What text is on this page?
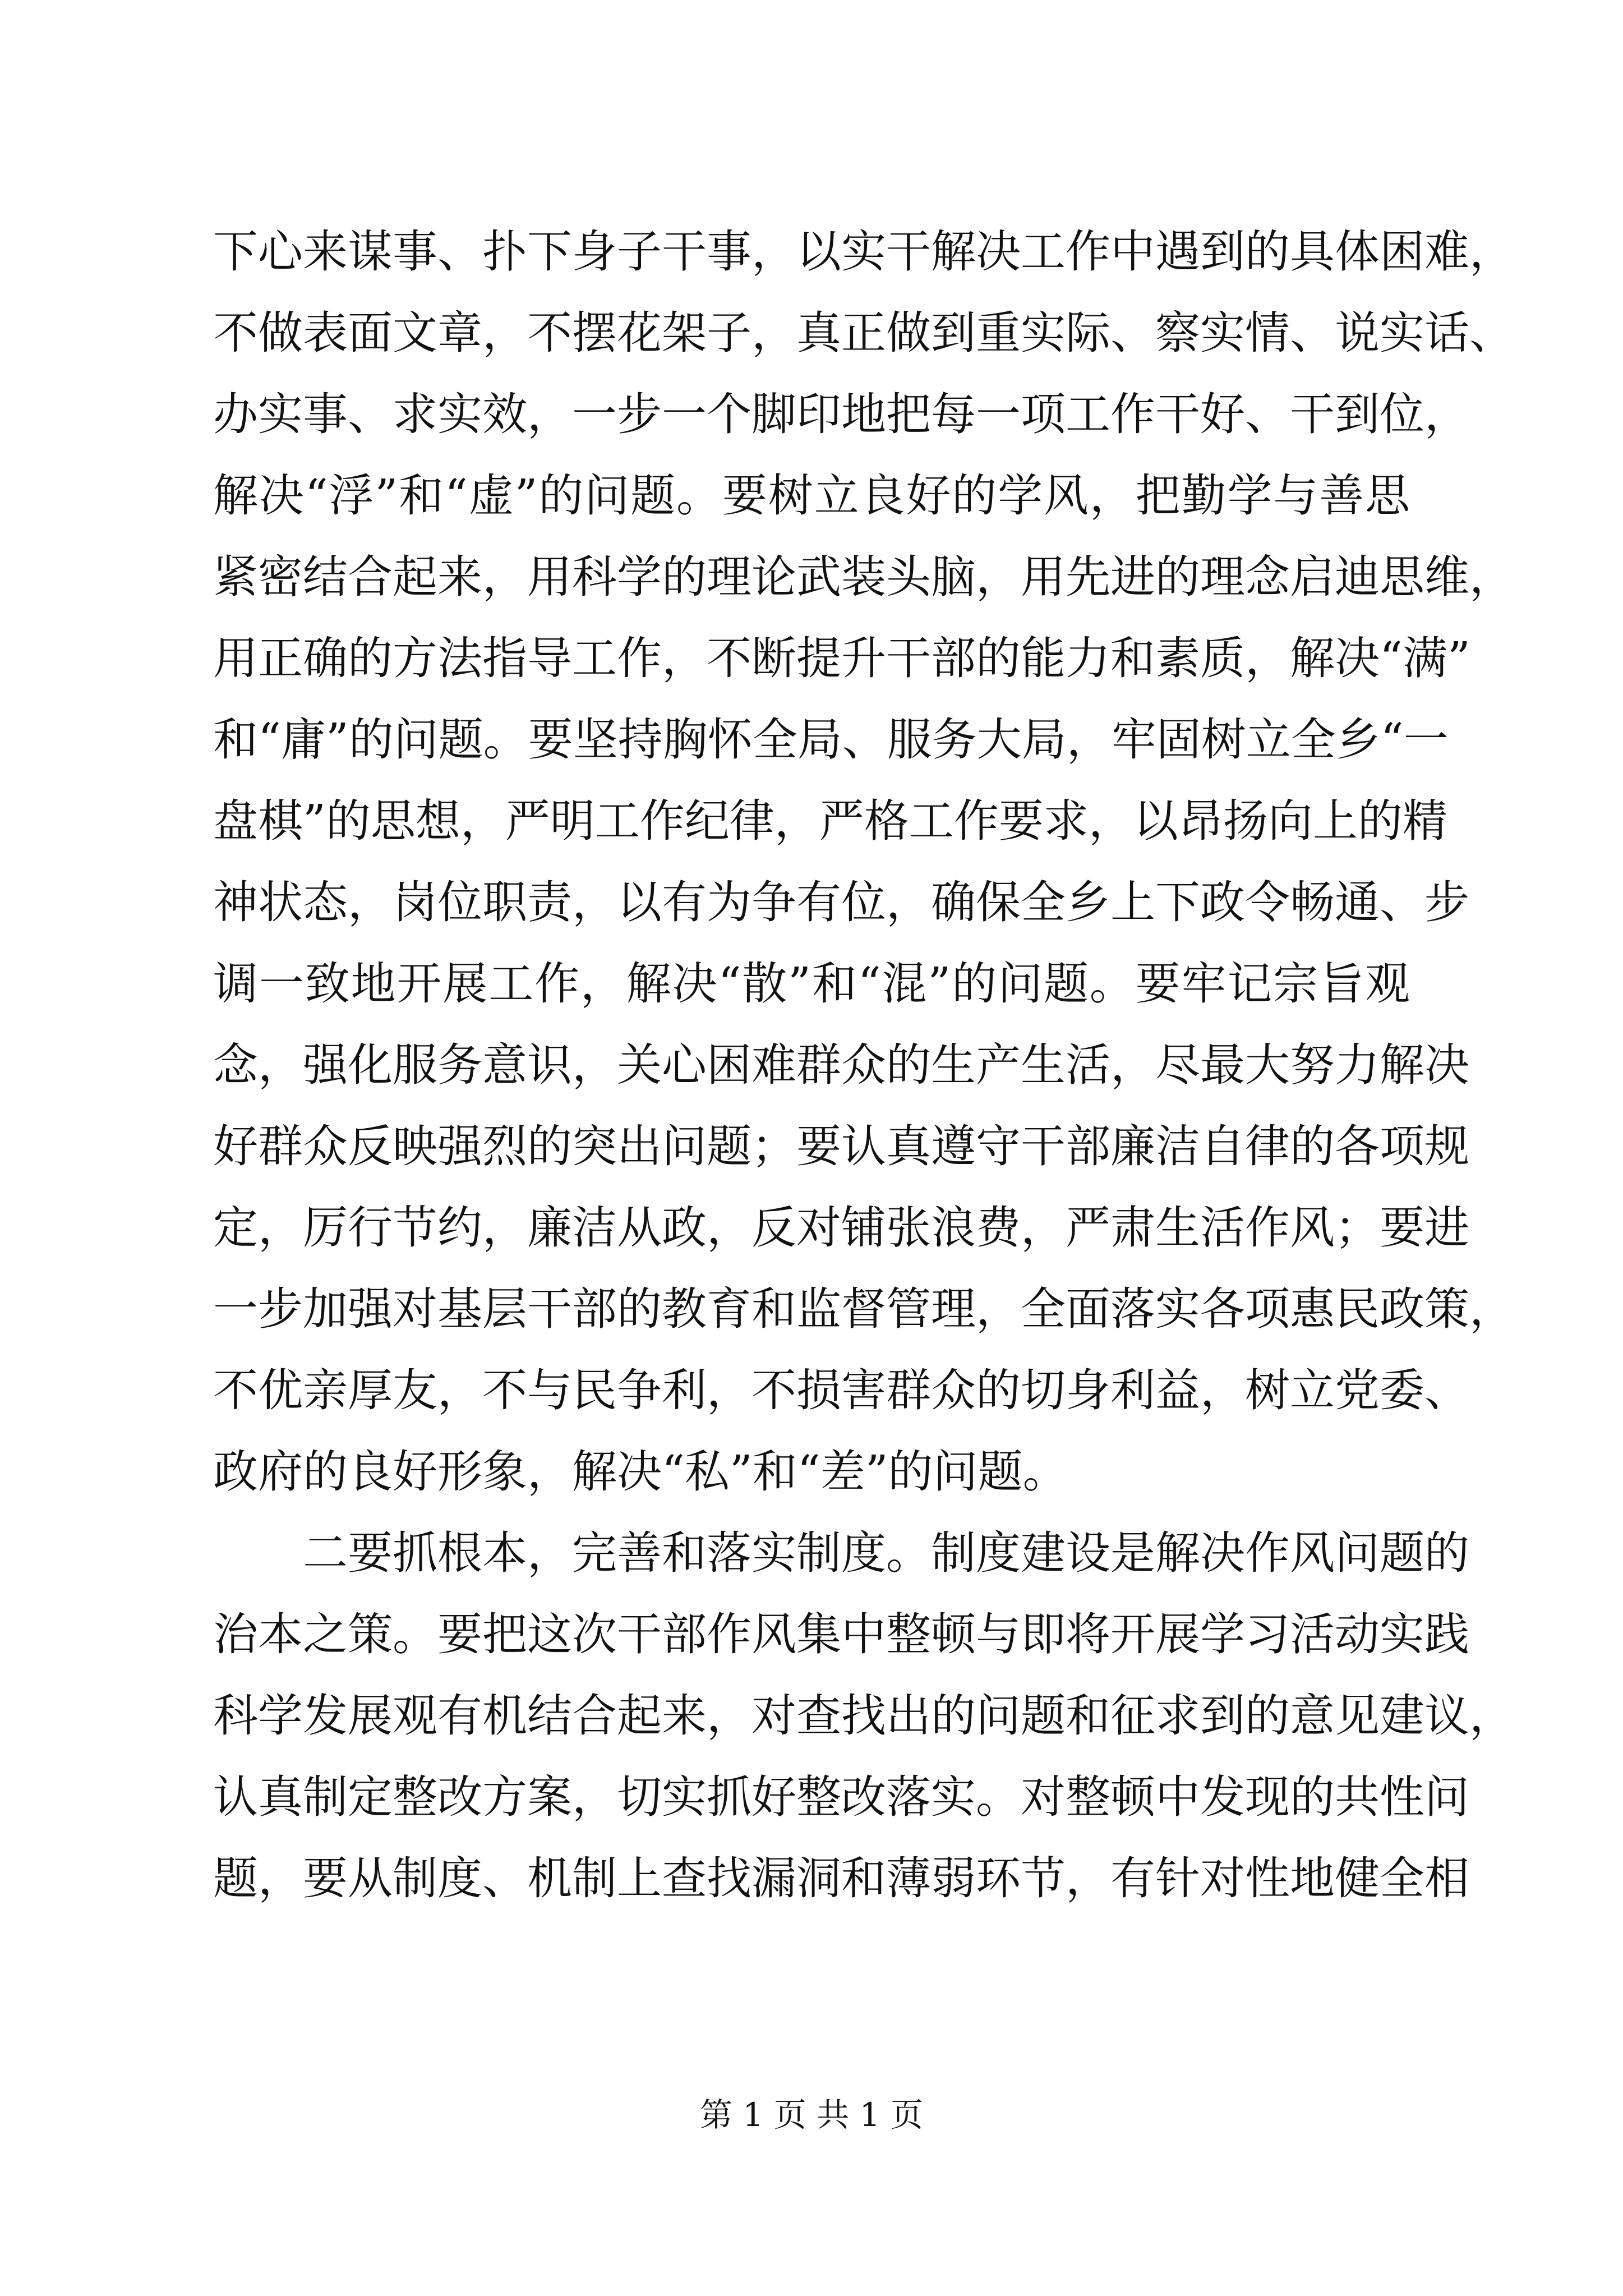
下心来谋事、扑下身子干事，以实干解决工作中遇到的具体困难，
不做表面文章，不摆花架子，真正做到重实际、察实情、说实话、
办实事、求实效，一步一个脚印地把每一项工作干好、干到位，
解决“浮”和“虚”的问题。要树立良好的学风，把勤学与善思
紧密结合起来，用科学的理论武装头脑，用先进的理念启迪思维，
用正确的方法指导工作，不断提升干部的能力和素质，解决“满”
和“庸”的问题。要坚持胸怀全局、服务大局，牢固树立全乡“一
盘棋”的思想，严明工作纪律，严格工作要求，以昂扬向上的精
神状态，岗位职责，以有为争有位，确保全乡上下政令畅通、步
调一致地开展工作，解决“散”和“混”的问题。要牢记宗旨观
念，强化服务意识，关心困难群众的生产生活，尽最大努力解决
好群众反映强烈的突出问题；要认真遵守干部廉洁自律的各项规
定，厉行节约，廉洁从政，反对铺张浪费，严肃生活作风；要进
一步加强对基层干部的教育和监督管理，全面落实各项惠民政策，
不优亲厚友，不与民争利，不损害群众的切身利益，树立党委、
政府的良好形象，解决“私”和“差”的问题。
二要抓根本，完善和落实制度。制度建设是解决作风问题的
治本之策。要把这次干部作风集中整顿与即将开展学习活动实践
科学发展观有机结合起来，对查找出的问题和征求到的意见建议，
认真制定整改方案，切实抓好整改落实。对整顿中发现的共性问
题，要从制度、机制上查找漏洞和薄弱环节，有针对性地健全相
第 1 页 共 1 页
